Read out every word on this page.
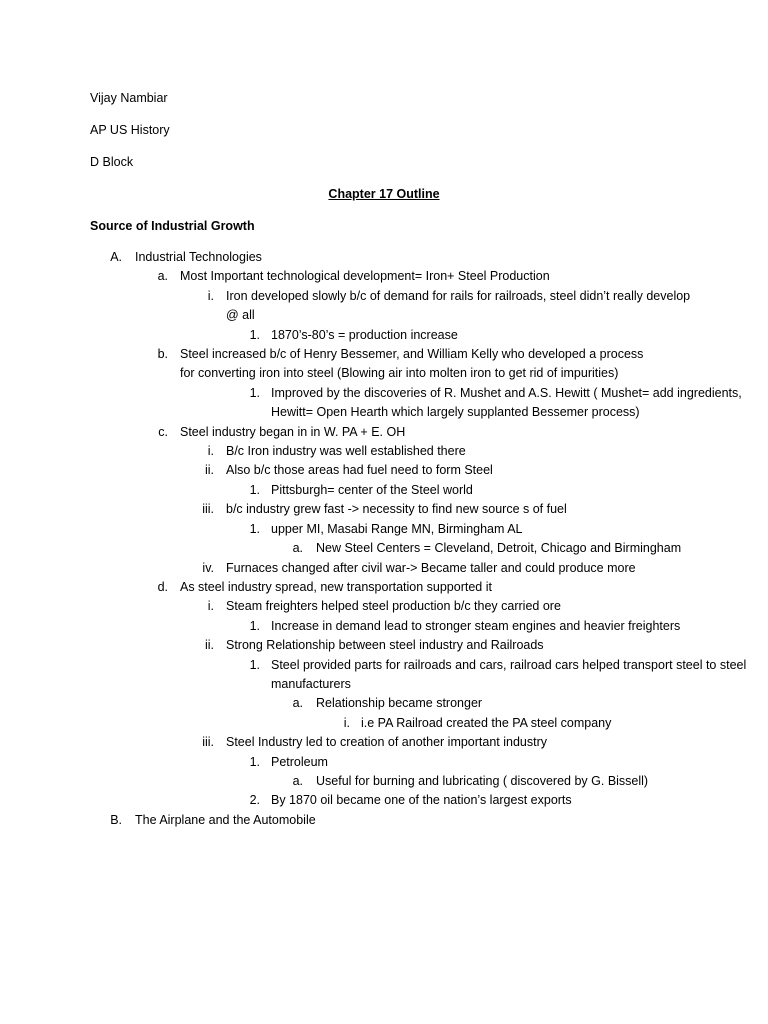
Vijay Nambiar
AP US History
D Block
Chapter 17 Outline
Source of Industrial Growth
A. Industrial Technologies
a. Most Important technological development= Iron+ Steel Production
i. Iron developed slowly b/c of demand for rails for railroads, steel didn’t really develop @ all
1. 1870’s-80’s = production increase
b. Steel increased b/c of Henry Bessemer, and William Kelly who developed a process for converting iron into steel (Blowing air into molten iron to get rid of impurities)
1. Improved by the discoveries of R. Mushet and A.S. Hewitt ( Mushet= add ingredients, Hewitt= Open Hearth which largely supplanted Bessemer process)
c. Steel industry began in in W. PA + E. OH
i. B/c Iron industry was well established there
ii. Also b/c those areas had fuel need to form Steel
1. Pittsburgh= center of the Steel world
iii. b/c industry grew fast -> necessity to find new source s of fuel
1. upper MI, Masabi Range MN, Birmingham AL
a. New Steel Centers = Cleveland, Detroit, Chicago and Birmingham
iv. Furnaces changed after civil war-> Became taller and could produce more
d. As steel industry spread, new transportation supported it
i. Steam freighters helped steel production b/c they carried ore
1. Increase in demand lead to stronger steam engines and heavier freighters
ii. Strong Relationship between steel industry and Railroads
1. Steel provided parts for railroads and cars, railroad cars helped transport steel to steel manufacturers
a. Relationship became stronger
i. i.e PA Railroad created the PA steel company
iii. Steel Industry led to creation of another important industry
1. Petroleum
a. Useful for burning and lubricating ( discovered by G. Bissell)
2. By 1870 oil became one of the nation’s largest exports
B. The Airplane and the Automobile
